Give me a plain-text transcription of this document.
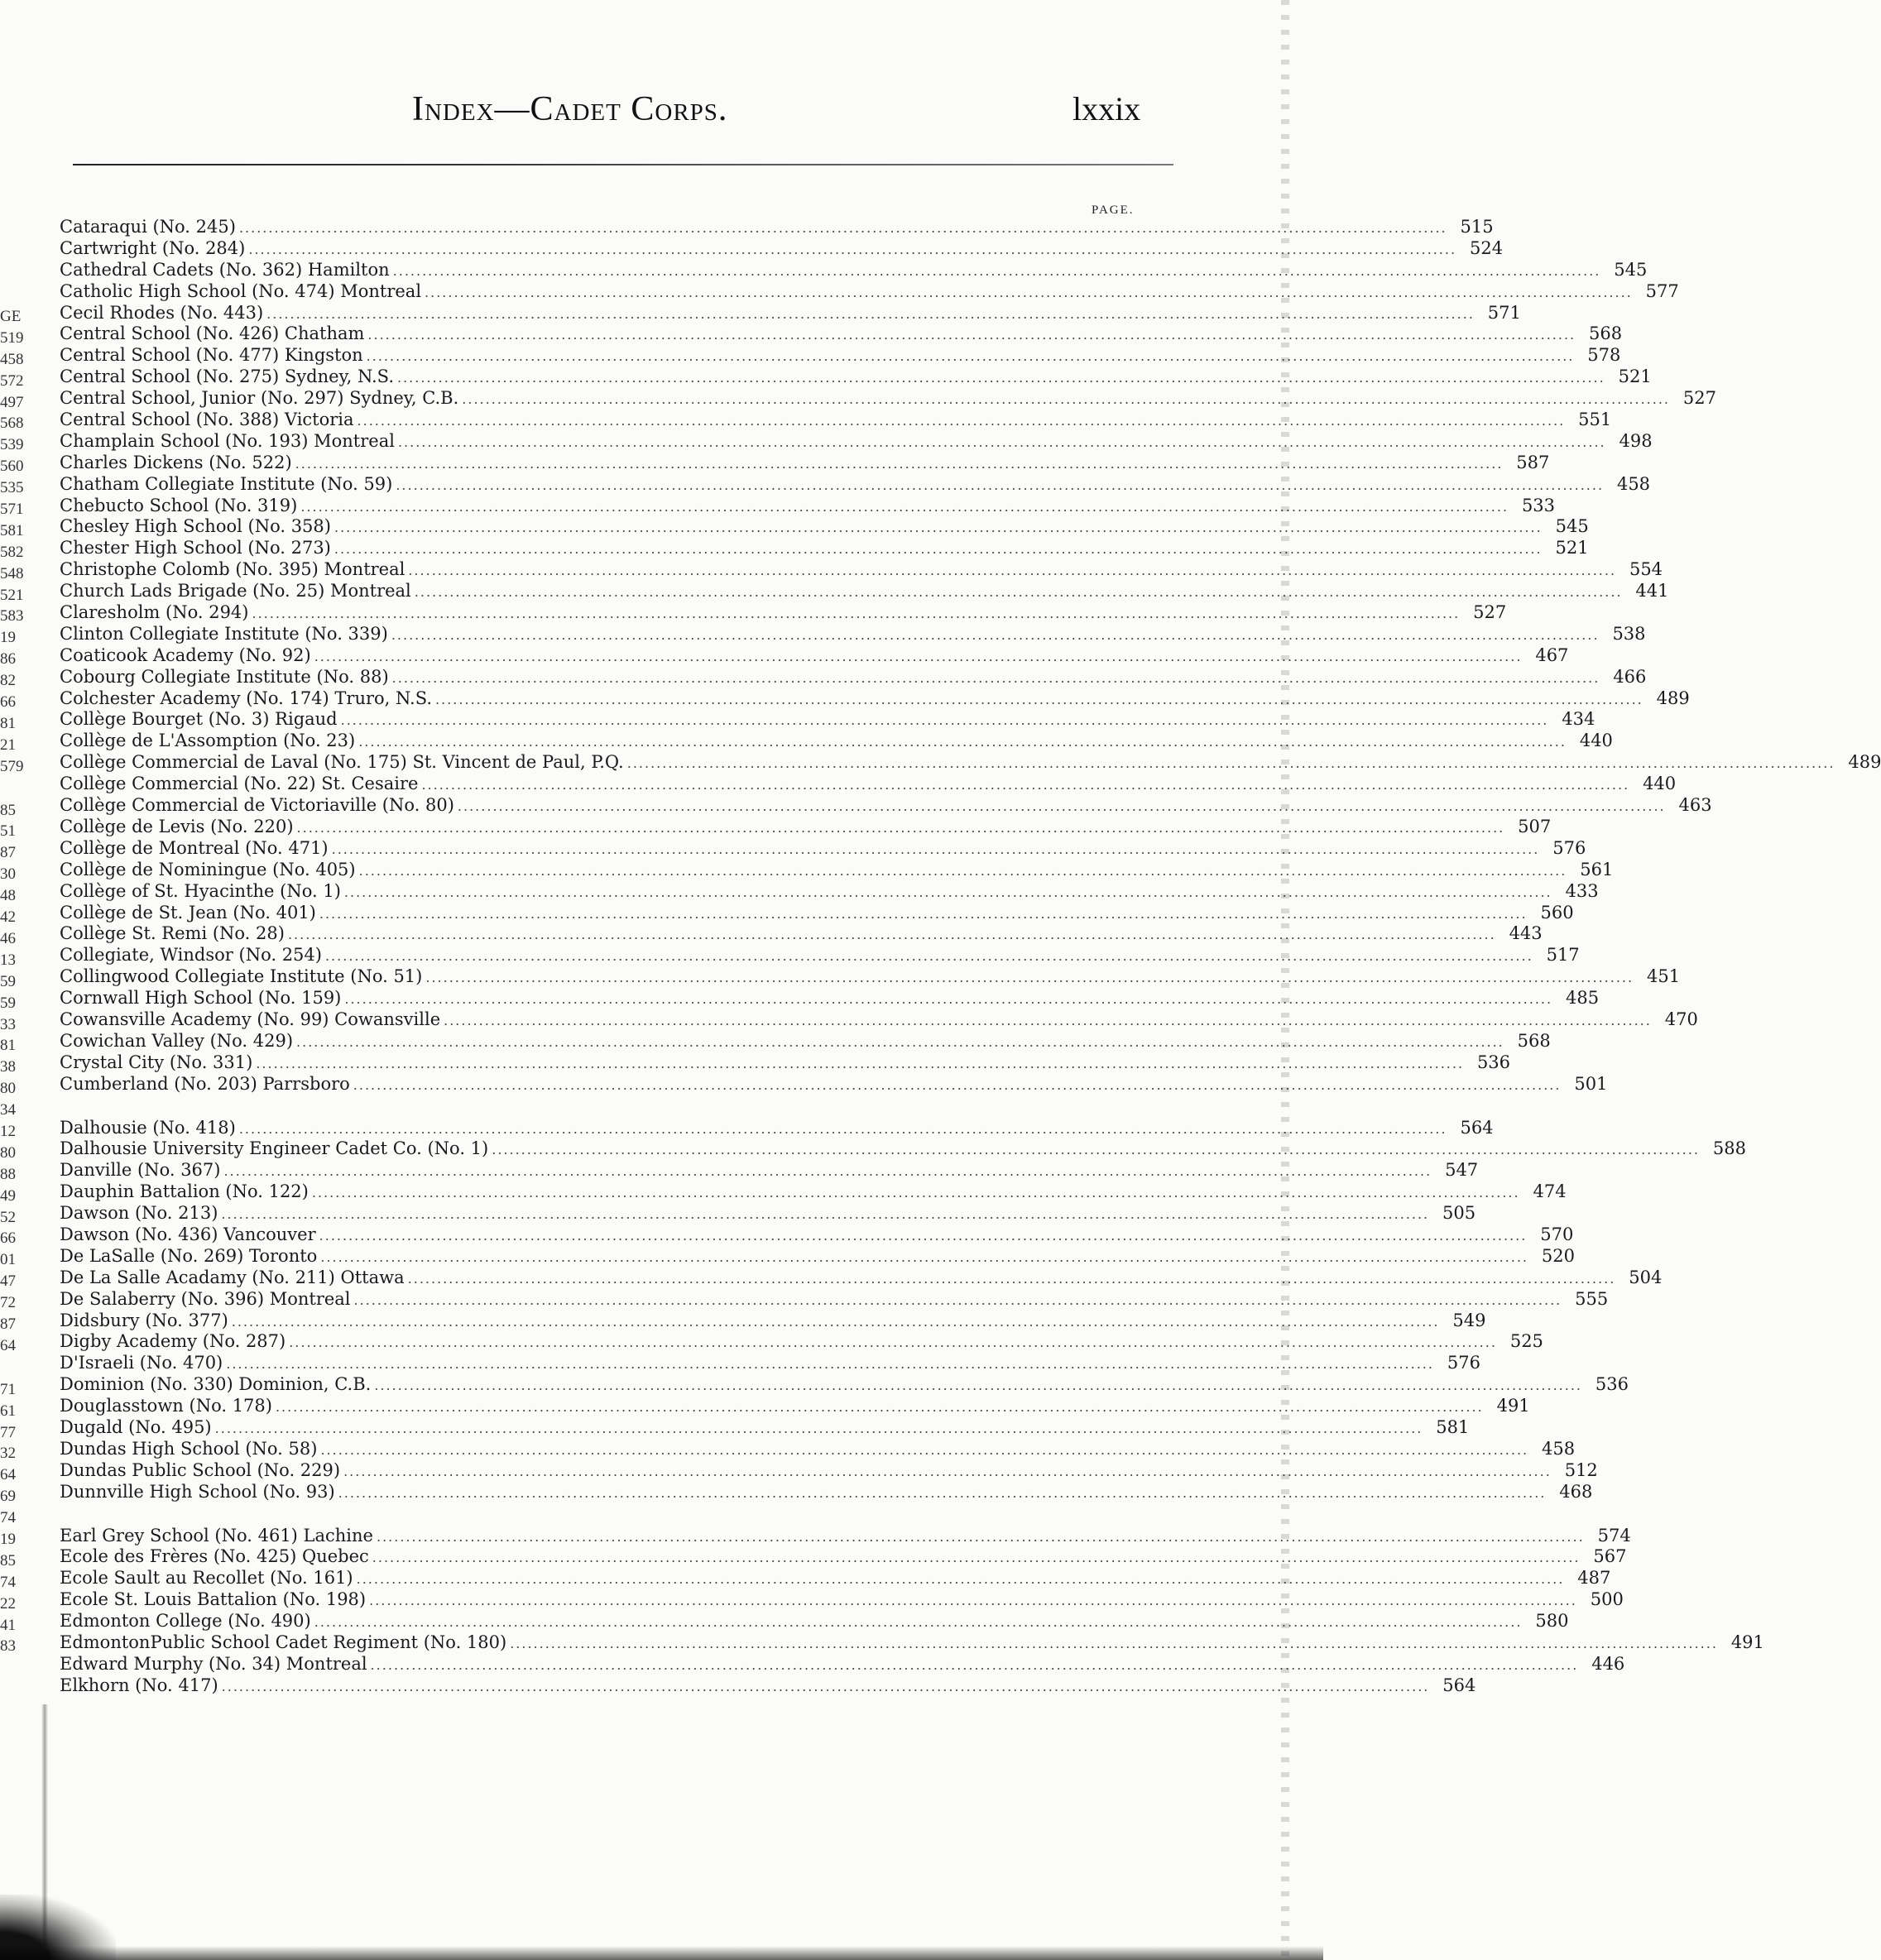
Index—Cadet Corps.	lxxix
PAGE.
Cataraqui (No. 245) .....	515
Cartwright (No. 284) .....	524
Cathedral Cadets (No. 362) Hamilton .....	545
Catholic High School (No. 474) Montreal .....	577
Cecil Rhodes (No. 443) .....	571
Central School (No. 426) Chatham .....	568
Central School (No. 477) Kingston .....	578
Central School (No. 275) Sydney, N.S. .....	521
Central School, Junior (No. 297) Sydney, C.B. .....	527
Central School (No. 388) Victoria .....	551
Champlain School (No. 193) Montreal .....	498
Charles Dickens (No. 522) .....	587
Chatham Collegiate Institute (No. 59) .....	458
Chebucto School (No. 319) .....	533
Chesley High School (No. 358) .....	545
Chester High School (No. 273) .....	521
Christophe Colomb (No. 395) Montreal .....	554
Church Lads Brigade (No. 25) Montreal .....	441
Claresholm (No. 294) .....	527
Clinton Collegiate Institute (No. 339) .....	538
Coaticook Academy (No. 92) .....	467
Cobourg Collegiate Institute (No. 88) .....	466
Colchester Academy (No. 174) Truro, N.S. .....	489
Collège Bourget (No. 3) Rigaud .....	434
Collège de L'Assomption (No. 23) .....	440
Collège Commercial de Laval (No. 175) St. Vincent de Paul, P.Q. .....	489
Collège Commercial (No. 22) St. Cesaire .....	440
Collège Commercial de Victoriaville (No. 80) .....	463
Collège de Levis (No. 220) .....	507
Collège de Montreal (No. 471) .....	576
Collège de Nominingue (No. 405) .....	561
Collège of St. Hyacinthe (No. 1) .....	433
Collège de St. Jean (No. 401) .....	560
Collège St. Remi (No. 28) .....	443
Collegiate, Windsor (No. 254) .....	517
Collingwood Collegiate Institute (No. 51) .....	451
Cornwall High School (No. 159) .....	485
Cowansville Academy (No. 99) Cowansville .....	470
Cowichan Valley (No. 429) .....	568
Crystal City (No. 331) .....	536
Cumberland (No. 203) Parrsboro .....	501
Dalhousie (No. 418) .....	564
Dalhousie University Engineer Cadet Co. (No. 1) .....	588
Danville (No. 367) .....	547
Dauphin Battalion (No. 122) .....	474
Dawson (No. 213) .....	505
Dawson (No. 436) Vancouver .....	570
De LaSalle (No. 269) Toronto .....	520
De La Salle Acadamy (No. 211) Ottawa .....	504
De Salaberry (No. 396) Montreal .....	555
Didsbury (No. 377) .....	549
Digby Academy (No. 287) .....	525
D'Israeli (No. 470) .....	576
Dominion (No. 330) Dominion, C.B. .....	536
Douglasstown (No. 178) .....	491
Dugald (No. 495) .....	581
Dundas High School (No. 58) .....	458
Dundas Public School (No. 229) .....	512
Dunnville High School (No. 93) .....	468
Earl Grey School (No. 461) Lachine .....	574
Ecole des Frères (No. 425) Quebec .....	567
Ecole Sault au Recollet (No. 161) .....	487
Ecole St. Louis Battalion (No. 198) .....	500
Edmonton College (No. 490) .....	580
EdmontonPublic School Cadet Regiment (No. 180) .....	491
Edward Murphy (No. 34) Montreal .....	446
Elkhorn (No. 417) .....	564
GE
519
458
572
497
568
539
560
535
571
581
582
548
521
583
19
86
82
66
81
21
579
85
51
87
30
48
42
46
13
59
59
33
81
38
80
34
12
80
88
49
52
66
01
47
72
87
64
71
61
77
32
64
69
74
19
85
74
22
41
83
